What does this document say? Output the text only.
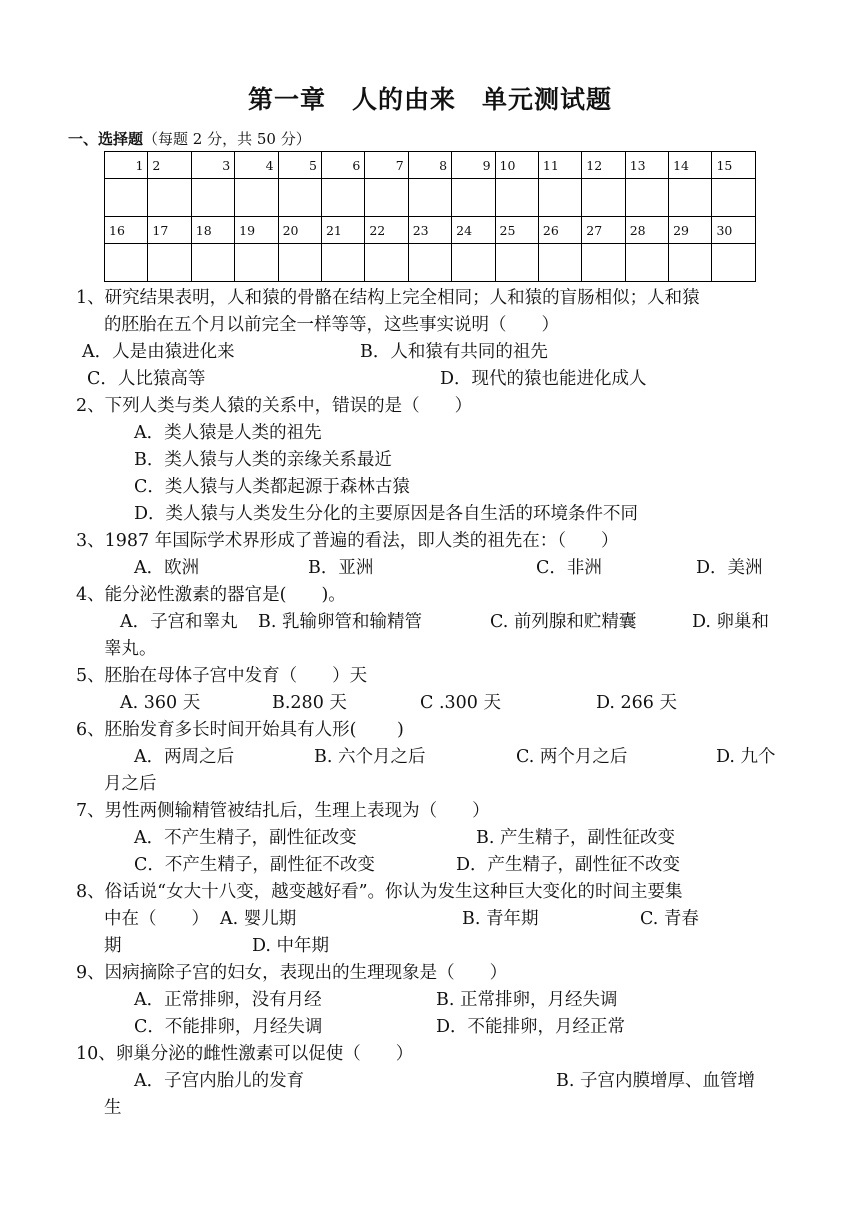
第一章　人的由来　单元测试题
一、选择题（每题 2 分，共 50 分）
1	2	3	4	5	6	7	8	9	10	11	12	13	14	15

16	17	18	19	20	21	22	23	24	25	26	27	28	29	30

1、研究结果表明，人和猿的骨骼在结构上完全相同；人和猿的盲肠相似；人和猿
的胚胎在五个月以前完全一样等等，这些事实说明（　　）
A．人是由猿进化来	B．人和猿有共同的祖先
C．人比猿高等	D．现代的猿也能进化成人
2、下列人类与类人猿的关系中，错误的是（　　）
A．类人猿是人类的祖先
B．类人猿与人类的亲缘关系最近
C．类人猿与人类都起源于森林古猿
D．类人猿与人类发生分化的主要原因是各自生活的环境条件不同
3、1987 年国际学术界形成了普遍的看法，即人类的祖先在：（　　）
A．欧洲	B．亚洲	C．非洲	D．美洲
4、能分泌性激素的器官是(　　)。
A．子宫和睾丸 B. 乳输卵管和输精管	C. 前列腺和贮精囊	D. 卵巢和
睾丸。
5、胚胎在母体子宫中发育（　　）天
A. 360 天	B.280 天	C .300 天	D. 266 天
6、胚胎发育多长时间开始具有人形(　　 )
A．两周之后	B. 六个月之后	C. 两个月之后	D. 九个
月之后
7、男性两侧输精管被结扎后，生理上表现为（　　）
A．不产生精子，副性征改变	B. 产生精子，副性征改变
C．不产生精子，副性征不改变	D．产生精子，副性征不改变
8、俗话说“女大十八变，越变越好看”。你认为发生这种巨大变化的时间主要集
中在（　　） A. 婴儿期	B. 青年期	C. 青春
期	D. 中年期
9、因病摘除子宫的妇女，表现出的生理现象是（　　）
A．正常排卵，没有月经	B. 正常排卵，月经失调
C．不能排卵，月经失调	D．不能排卵，月经正常
10、卵巢分泌的雌性激素可以促使（　　）
A．子宫内胎儿的发育	B. 子宫内膜增厚、血管增
生
